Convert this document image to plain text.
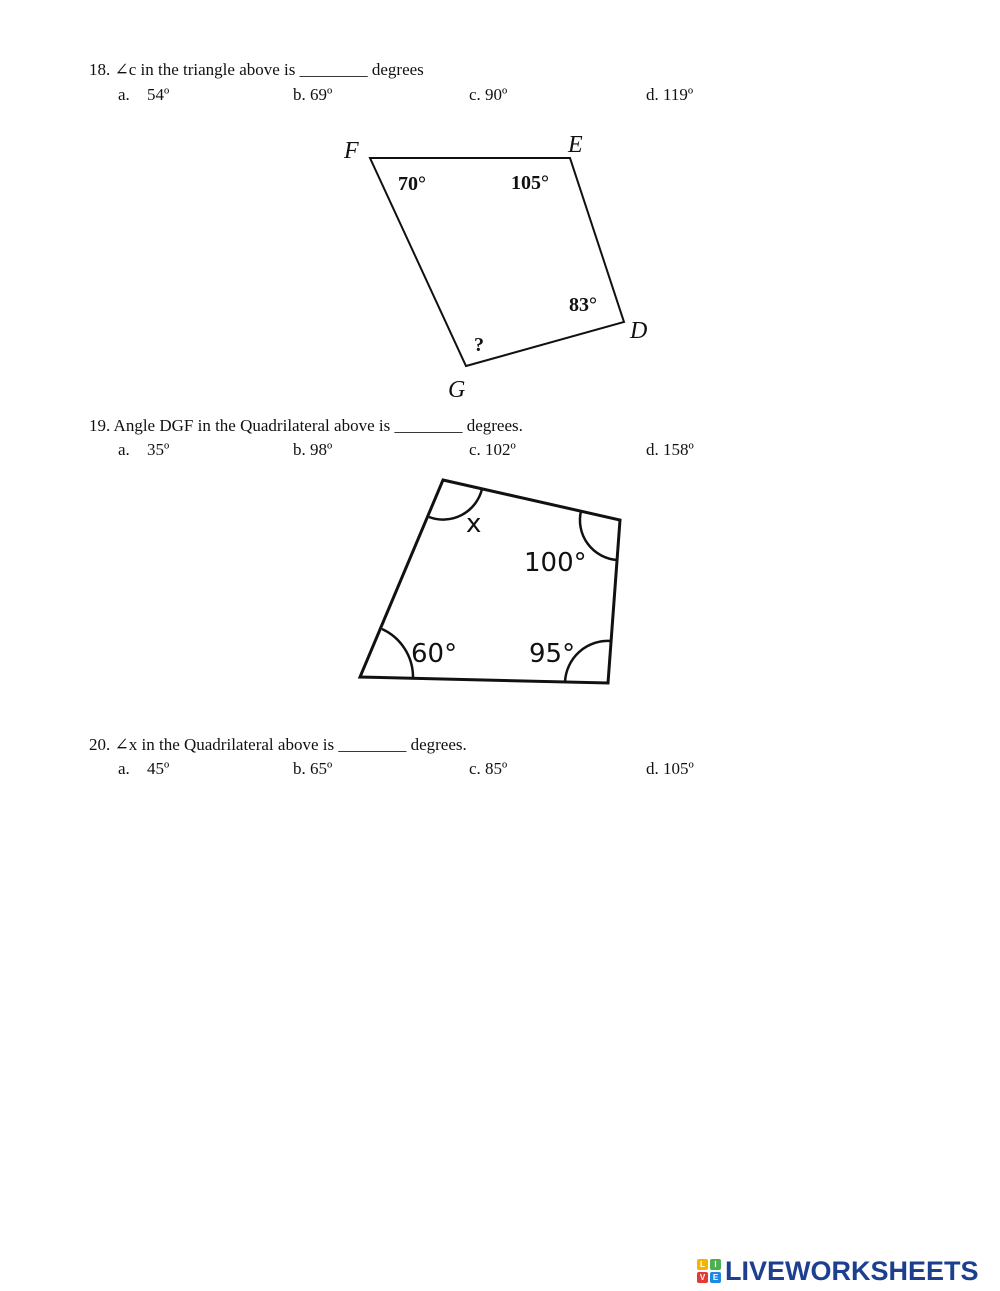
18. ∠c in the triangle above is ________ degrees
a. 54º	b. 69º	c. 90º	d. 119º
F	E
D
G
70°	105°
83°
?
19. Angle DGF in the Quadrilateral above is ________ degrees.
a. 35º	b. 98º	c. 102º	d. 158º
x
100°
60°	95°
20. ∠x in the Quadrilateral above is ________ degrees.
a. 45º	b. 65º	c. 85º	d. 105º
L	I
V E LIVEWORKSHEETS
